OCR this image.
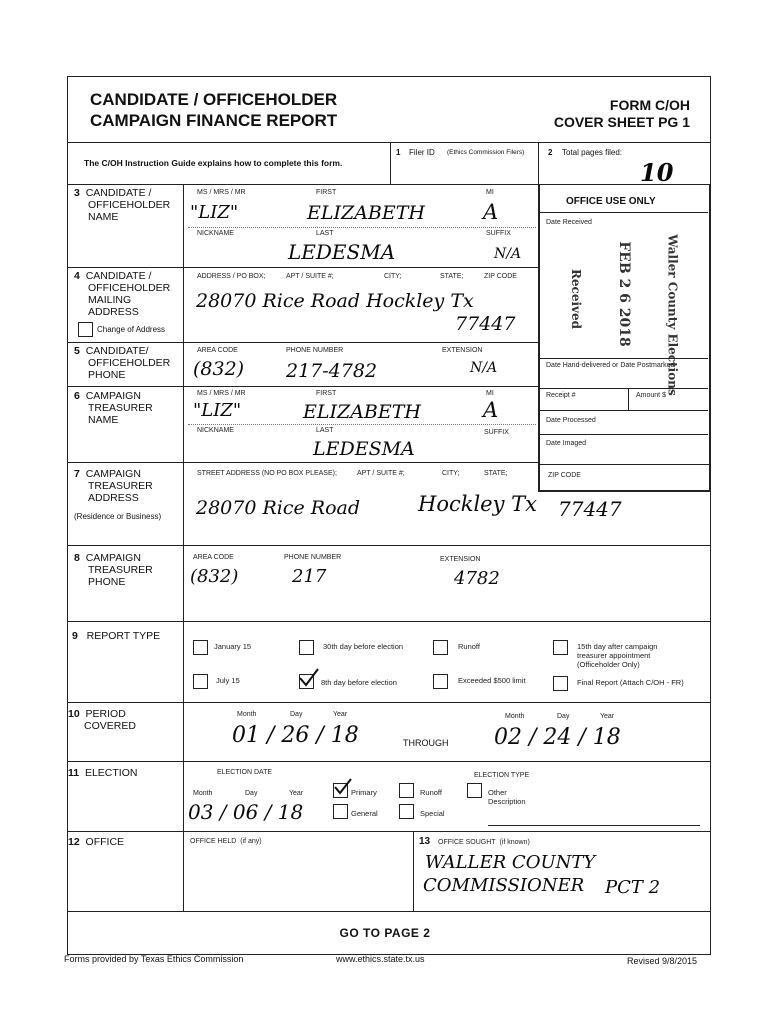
CANDIDATE / OFFICEHOLDER
CAMPAIGN FINANCE REPORT
FORM C/OH
COVER SHEET PG 1
The C/OH Instruction Guide explains how to complete this form.
1 Filer ID (Ethics Commission Filers)	2 Total pages filed:
10
OFFICE USE ONLY
Date Received
Received FEB 2 6 2018	Waller County Elections
Date Hand-delivered or Date Postmarked
Receipt #	Amount $
Date Processed
Date Imaged
3 CANDIDATE /
OFFICEHOLDER
NAME
MS / MRS / MR	FIRST	MI
"LIZ"	ELIZABETH	A
NICKNAME	LAST	SUFFIX
LEDESMA	N/A
4 CANDIDATE /
OFFICEHOLDER
MAILING
ADDRESS
Change of Address
ADDRESS / PO BOX;	APT / SUITE #;	CITY;	STATE;	ZIP CODE
28070 Rice Road Hockley Tx
77447
5 CANDIDATE/
OFFICEHOLDER
PHONE
AREA CODE	PHONE NUMBER	EXTENSION
(832) 217-4782	N/A
6 CAMPAIGN
TREASURER
NAME
MS / MRS / MR	FIRST	MI
"LIZ"	ELIZABETH	A
NICKNAME	LAST	SUFFIX
LEDESMA
7 CAMPAIGN
TREASURER
ADDRESS
(Residence or Business)
STREET ADDRESS (NO PO BOX PLEASE);	APT / SUITE #;	CITY;	STATE;	ZIP CODE
28070 Rice Road	Hockley Tx 77447
8 CAMPAIGN
TREASURER
PHONE
AREA CODE	PHONE NUMBER	EXTENSION
(832)	217	4782
9 REPORT TYPE
January 15	30th day before election	Runoff	15th day after campaign
treasurer appointment
(Officeholder Only)
July 15	8th day before election	Exceeded $500 limit	Final Report (Attach C/OH - FR)
10 PERIOD
COVERED
Month	Day	Year
01 / 26 / 18	THROUGH
Month	Day	Year
02 / 24 / 18
11 ELECTION	ELECTION DATE
Month	Day	Year
03 / 06 / 18
ELECTION TYPE
Primary	Runoff	Other
Description
General	Special
12 OFFICE	OFFICE HELD (if any)	13 OFFICE SOUGHT (if known)
WALLER COUNTY
COMMISSIONER PCT 2
GO TO PAGE 2
Forms provided by Texas Ethics Commission	www.ethics.state.tx.us	Revised 9/8/2015
